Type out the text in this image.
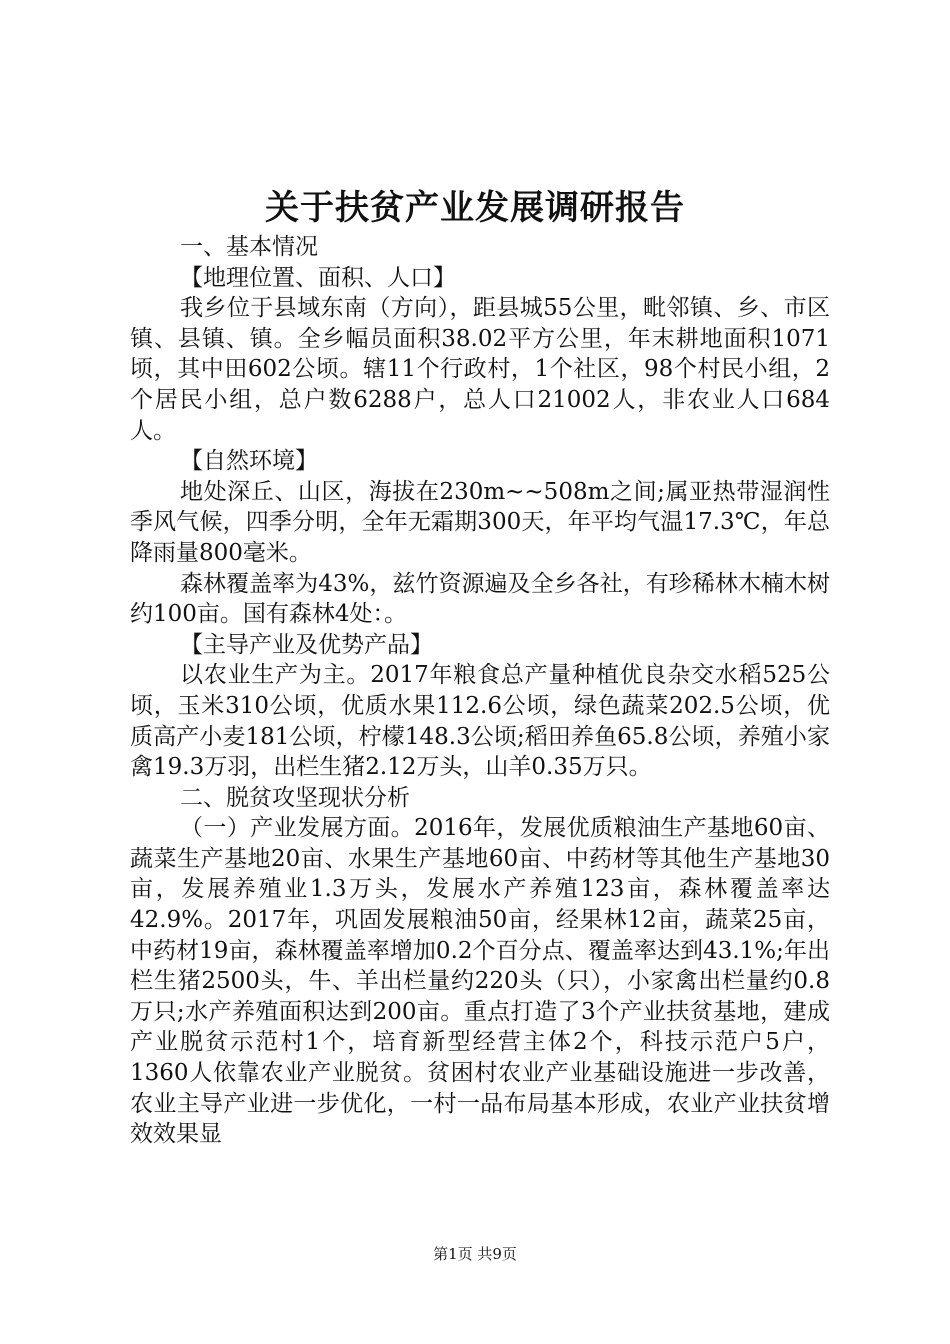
关于扶贫产业发展调研报告

一、基本情况

【地理位置、面积、人口】

我乡位于县域东南（方向），距县城55公里，毗邻镇、乡、市区镇、县镇、镇。全乡幅员面积38.02平方公里，年末耕地面积1071顷，其中田602公顷。辖11个行政村，1个社区，98个村民小组，2个居民小组，总户数6288户，总人口21002人，非农业人口684人。

【自然环境】

地处深丘、山区，海拔在230m~~508m之间;属亚热带湿润性季风气候，四季分明，全年无霜期300天，年平均气温17.3℃，年总降雨量800毫米。

森林覆盖率为43%，兹竹资源遍及全乡各社，有珍稀林木楠木树约100亩。国有森林4处：。

【主导产业及优势产品】

以农业生产为主。2017年粮食总产量种植优良杂交水稻525公顷，玉米310公顷，优质水果112.6公顷，绿色蔬菜202.5公顷，优质高产小麦181公顷，柠檬148.3公顷;稻田养鱼65.8公顷，养殖小家禽19.3万羽，出栏生猪2.12万头，山羊0.35万只。

二、脱贫攻坚现状分析

（一）产业发展方面。2016年，发展优质粮油生产基地60亩、蔬菜生产基地20亩、水果生产基地60亩、中药材等其他生产基地30亩，发展养殖业1.3万头，发展水产养殖123亩，森林覆盖率达42.9%。2017年，巩固发展粮油50亩，经果林12亩，蔬菜25亩，中药材19亩，森林覆盖率增加0.2个百分点、覆盖率达到43.1%;年出栏生猪2500头，牛、羊出栏量约220头（只），小家禽出栏量约0.8万只;水产养殖面积达到200亩。重点打造了3个产业扶贫基地，建成产业脱贫示范村1个，培育新型经营主体2个，科技示范户5户，1360人依靠农业产业脱贫。贫困村农业产业基础设施进一步改善，农业主导产业进一步优化，一村一品布局基本形成，农业产业扶贫增效效果显

第1页 共9页
